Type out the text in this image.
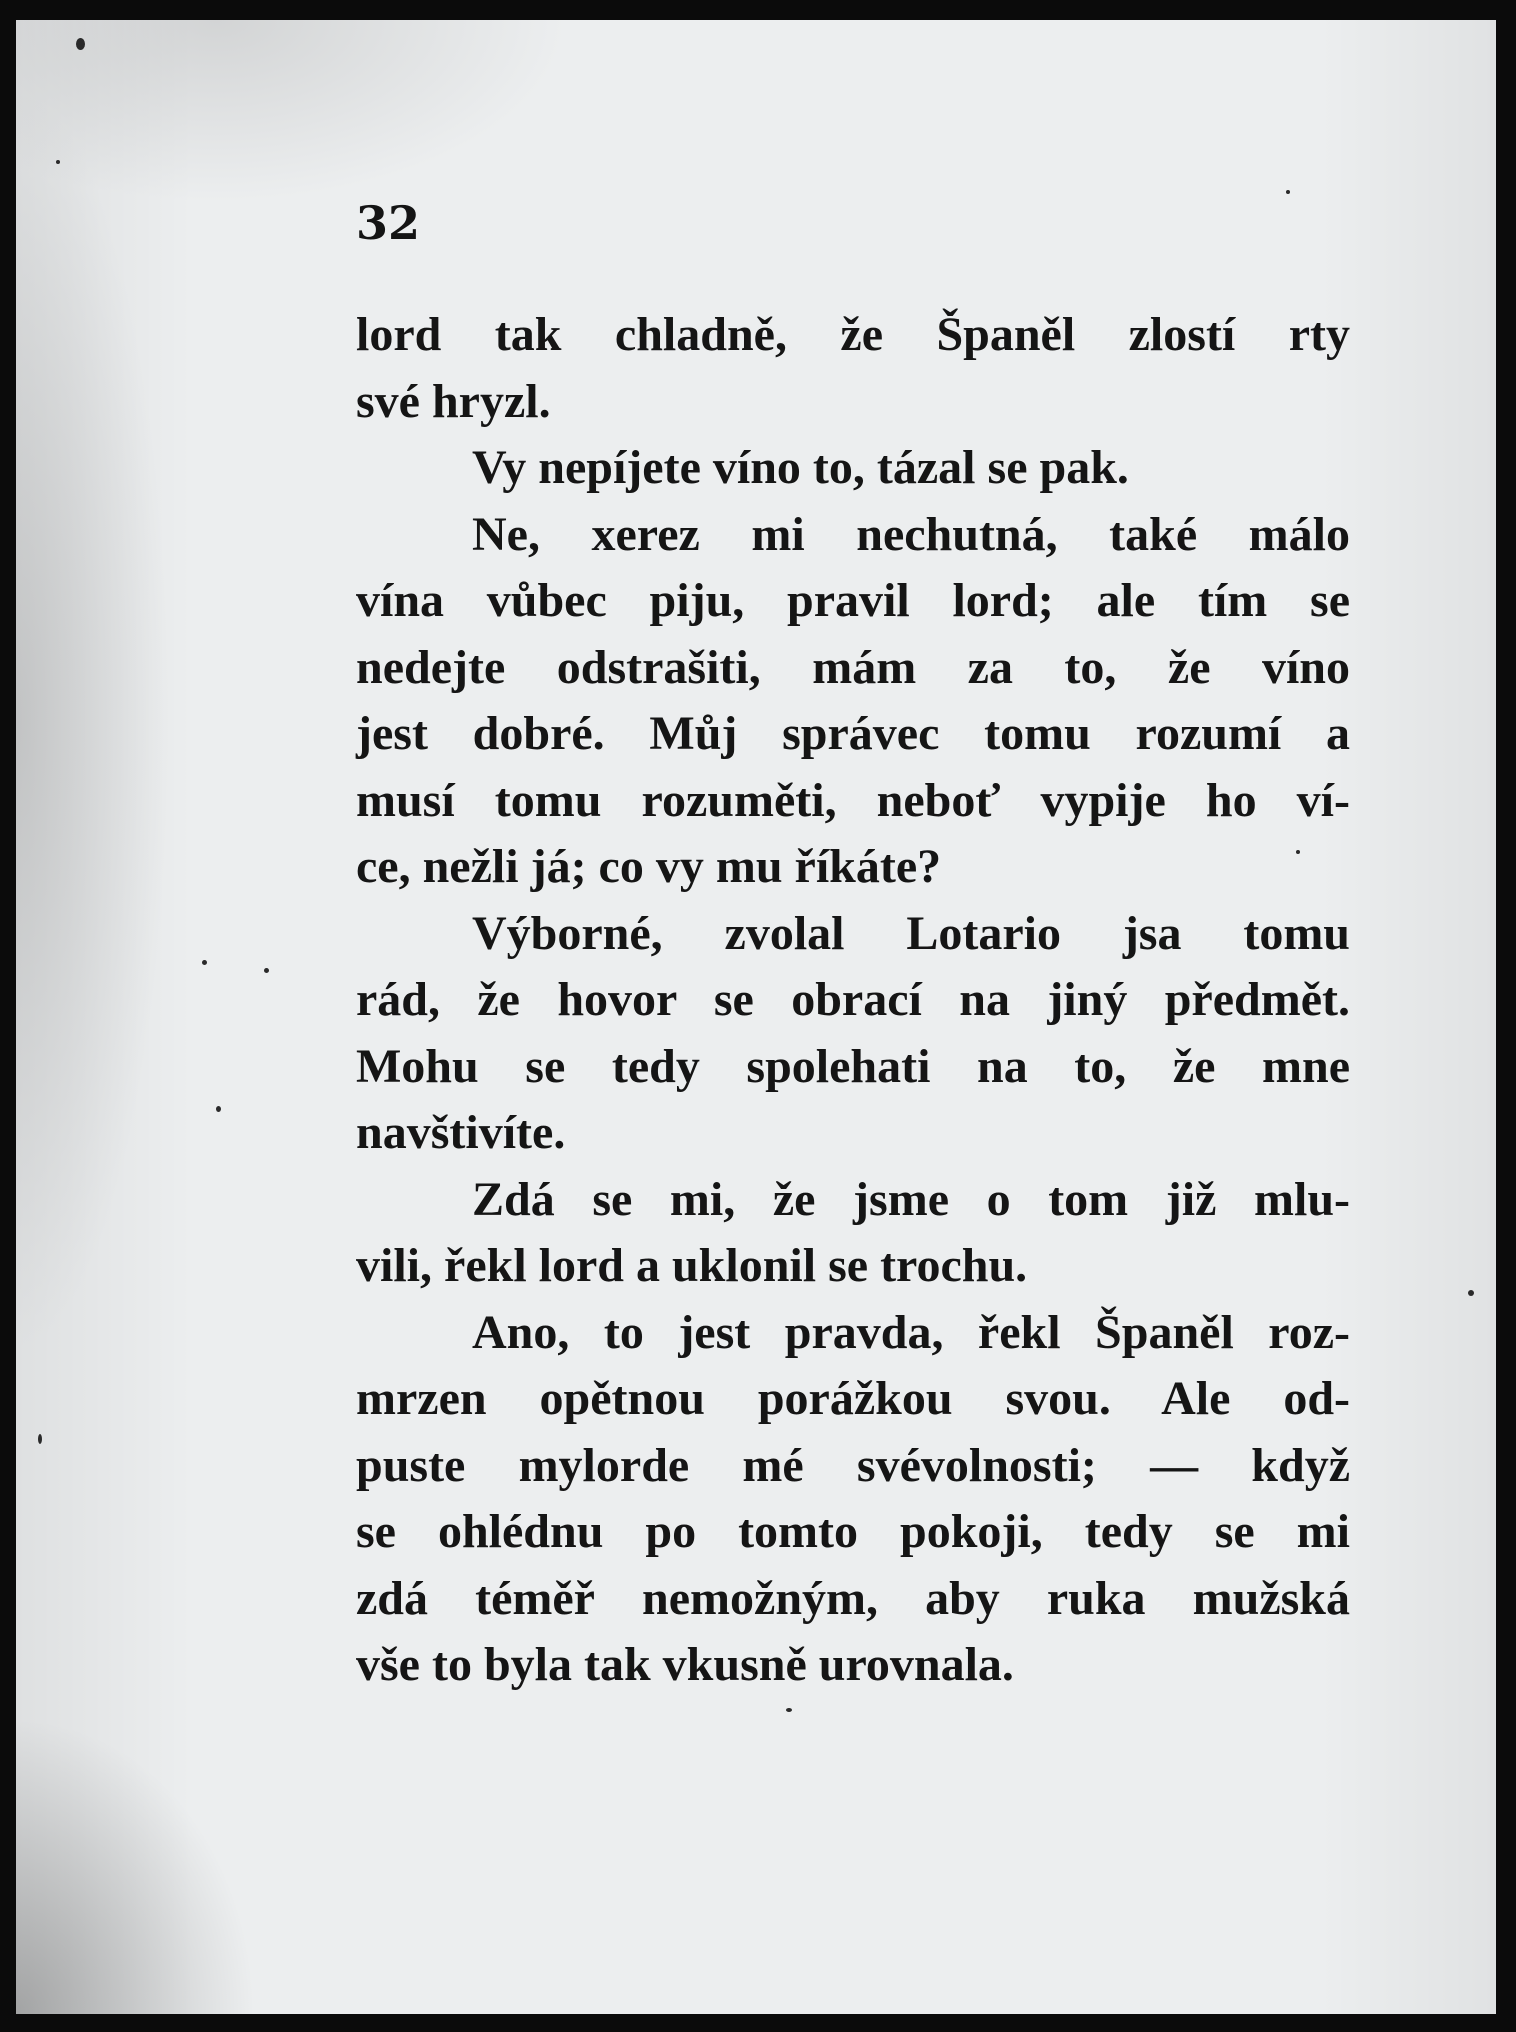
32

lord tak chladně, že Španěl zlostí rty
své hryzl.
Vy nepíjete víno to, tázal se pak.
Ne, xerez mi nechutná, také málo
vína vůbec piju, pravil lord; ale tím se
nedejte odstrašiti, mám za to, že víno
jest dobré. Můj správec tomu rozumí a
musí tomu rozuměti, neboť vypije ho ví-
ce, nežli já; co vy mu říkáte?
Výborné, zvolal Lotario jsa tomu
rád, že hovor se obrací na jiný předmět.
Mohu se tedy spolehati na to, že mne
navštivíte.
Zdá se mi, že jsme o tom již mlu-
vili, řekl lord a uklonil se trochu.
Ano, to jest pravda, řekl Španěl roz-
mrzen opětnou porážkou svou. Ale od-
puste mylorde mé svévolnosti; — když
se ohlédnu po tomto pokoji, tedy se mi
zdá téměř nemožným, aby ruka mužská
vše to byla tak vkusně urovnala.
